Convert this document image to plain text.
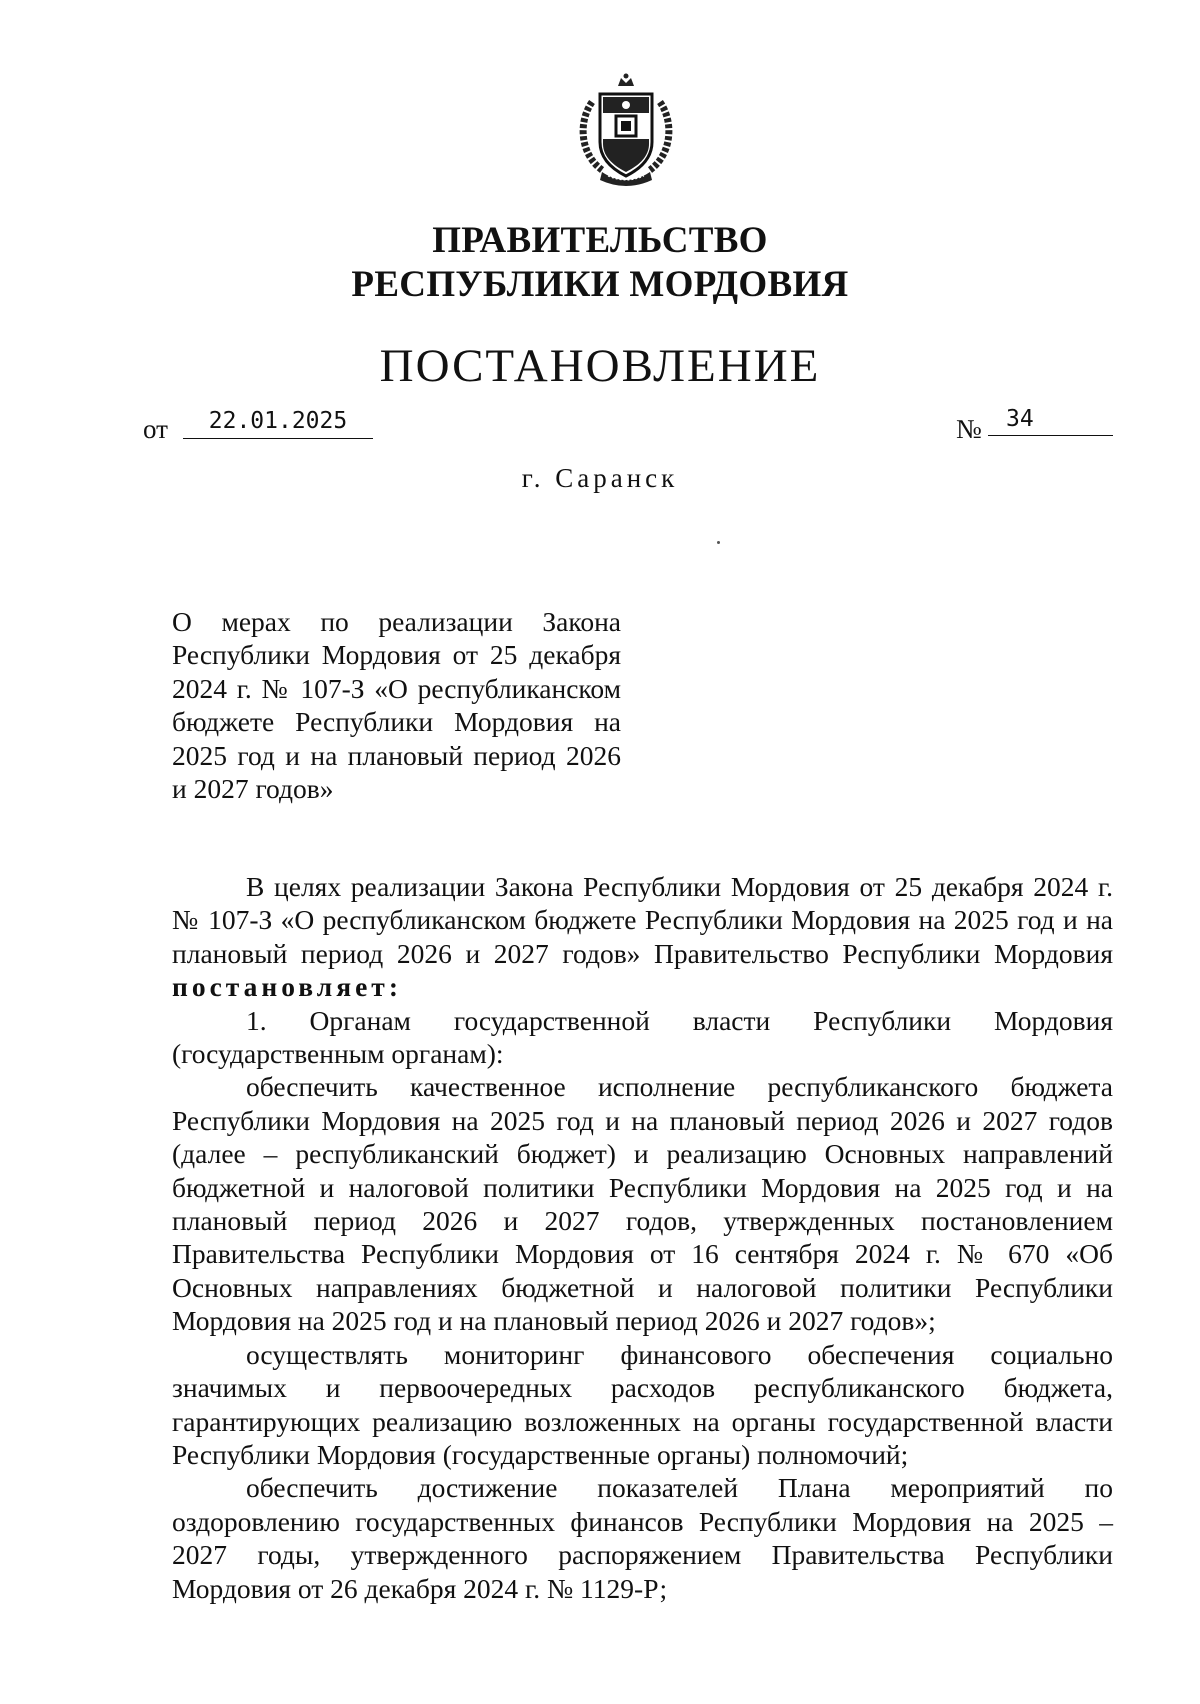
ПРАВИТЕЛЬСТВО
РЕСПУБЛИКИ МОРДОВИЯ
ПОСТАНОВЛЕНИЕ
от	22.01.2025	№	34
г. Саранск
О мерах по реализации Закона Республики Мордовия от 25 декабря 2024 г. № 107-З «О республиканском бюджете Республики Мордовия на 2025 год и на плановый период 2026 и 2027 годов»

В целях реализации Закона Республики Мордовия от 25 декабря 2024 г. № 107-З «О республиканском бюджете Республики Мордовия на 2025 год и на плановый период 2026 и 2027 годов» Правительство Республики Мордовия постановляет:

1. Органам государственной власти Республики Мордовия (государственным органам):

обеспечить качественное исполнение республиканского бюджета Республики Мордовия на 2025 год и на плановый период 2026 и 2027 годов (далее – республиканский бюджет) и реализацию Основных направлений бюджетной и налоговой политики Республики Мордовия на 2025 год и на плановый период 2026 и 2027 годов, утвержденных постановлением Правительства Республики Мордовия от 16 сентября 2024 г. № 670 «Об Основных направлениях бюджетной и налоговой политики Республики Мордовия на 2025 год и на плановый период 2026 и 2027 годов»;

осуществлять мониторинг финансового обеспечения социально значимых и первоочередных расходов республиканского бюджета, гарантирующих реализацию возложенных на органы государственной власти Республики Мордовия (государственные органы) полномочий;

обеспечить достижение показателей Плана мероприятий по оздоровлению государственных финансов Республики Мордовия на 2025 – 2027 годы, утвержденного распоряжением Правительства Республики Мордовия от 26 декабря 2024 г. № 1129-Р;
